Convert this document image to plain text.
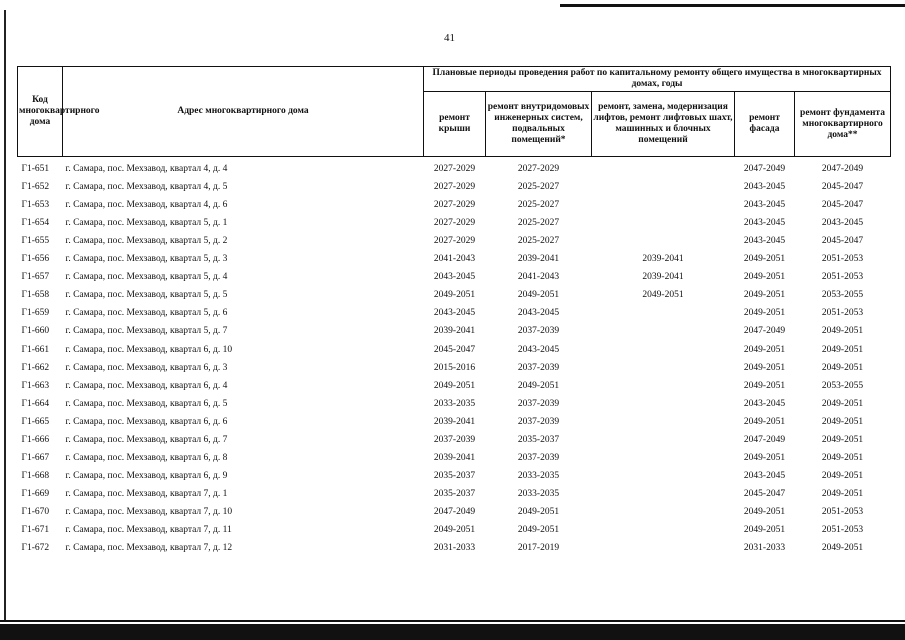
41
Код многоквартирного дома	Адрес многоквартирного дома	Плановые периоды проведения работ по капитальному ремонту общего имущества в многоквартирных домах, годы				
		ремонт крыши	ремонт внутридомовых инженерных систем, подвальных помещений*	ремонт, замена, модернизация лифтов, ремонт лифтовых шахт, машинных и блочных помещений	ремонт фасада	ремонт фундамента многоквартирного дома**
Г1-651	г. Самара, пос. Мехзавод, квартал 4, д. 4	2027-2029	2027-2029		2047-2049	2047-2049
Г1-652	г. Самара, пос. Мехзавод, квартал 4, д. 5	2027-2029	2025-2027		2043-2045	2045-2047
Г1-653	г. Самара, пос. Мехзавод, квартал 4, д. 6	2027-2029	2025-2027		2043-2045	2045-2047
Г1-654	г. Самара, пос. Мехзавод, квартал 5, д. 1	2027-2029	2025-2027		2043-2045	2043-2045
Г1-655	г. Самара, пос. Мехзавод, квартал 5, д. 2	2027-2029	2025-2027		2043-2045	2045-2047
Г1-656	г. Самара, пос. Мехзавод, квартал 5, д. 3	2041-2043	2039-2041	2039-2041	2049-2051	2051-2053
Г1-657	г. Самара, пос. Мехзавод, квартал 5, д. 4	2043-2045	2041-2043	2039-2041	2049-2051	2051-2053
Г1-658	г. Самара, пос. Мехзавод, квартал 5, д. 5	2049-2051	2049-2051	2049-2051	2049-2051	2053-2055
Г1-659	г. Самара, пос. Мехзавод, квартал 5, д. 6	2043-2045	2043-2045		2049-2051	2051-2053
Г1-660	г. Самара, пос. Мехзавод, квартал 5, д. 7	2039-2041	2037-2039		2047-2049	2049-2051
Г1-661	г. Самара, пос. Мехзавод, квартал 6, д. 10	2045-2047	2043-2045		2049-2051	2049-2051
Г1-662	г. Самара, пос. Мехзавод, квартал 6, д. 3	2015-2016	2037-2039		2049-2051	2049-2051
Г1-663	г. Самара, пос. Мехзавод, квартал 6, д. 4	2049-2051	2049-2051		2049-2051	2053-2055
Г1-664	г. Самара, пос. Мехзавод, квартал 6, д. 5	2033-2035	2037-2039		2043-2045	2049-2051
Г1-665	г. Самара, пос. Мехзавод, квартал 6, д. 6	2039-2041	2037-2039		2049-2051	2049-2051
Г1-666	г. Самара, пос. Мехзавод, квартал 6, д. 7	2037-2039	2035-2037		2047-2049	2049-2051
Г1-667	г. Самара, пос. Мехзавод, квартал 6, д. 8	2039-2041	2037-2039		2049-2051	2049-2051
Г1-668	г. Самара, пос. Мехзавод, квартал 6, д. 9	2035-2037	2033-2035		2043-2045	2049-2051
Г1-669	г. Самара, пос. Мехзавод, квартал 7, д. 1	2035-2037	2033-2035		2045-2047	2049-2051
Г1-670	г. Самара, пос. Мехзавод, квартал 7, д. 10	2047-2049	2049-2051		2049-2051	2051-2053
Г1-671	г. Самара, пос. Мехзавод, квартал 7, д. 11	2049-2051	2049-2051		2049-2051	2051-2053
Г1-672	г. Самара, пос. Мехзавод, квартал 7, д. 12	2031-2033	2017-2019		2031-2033	2049-2051
